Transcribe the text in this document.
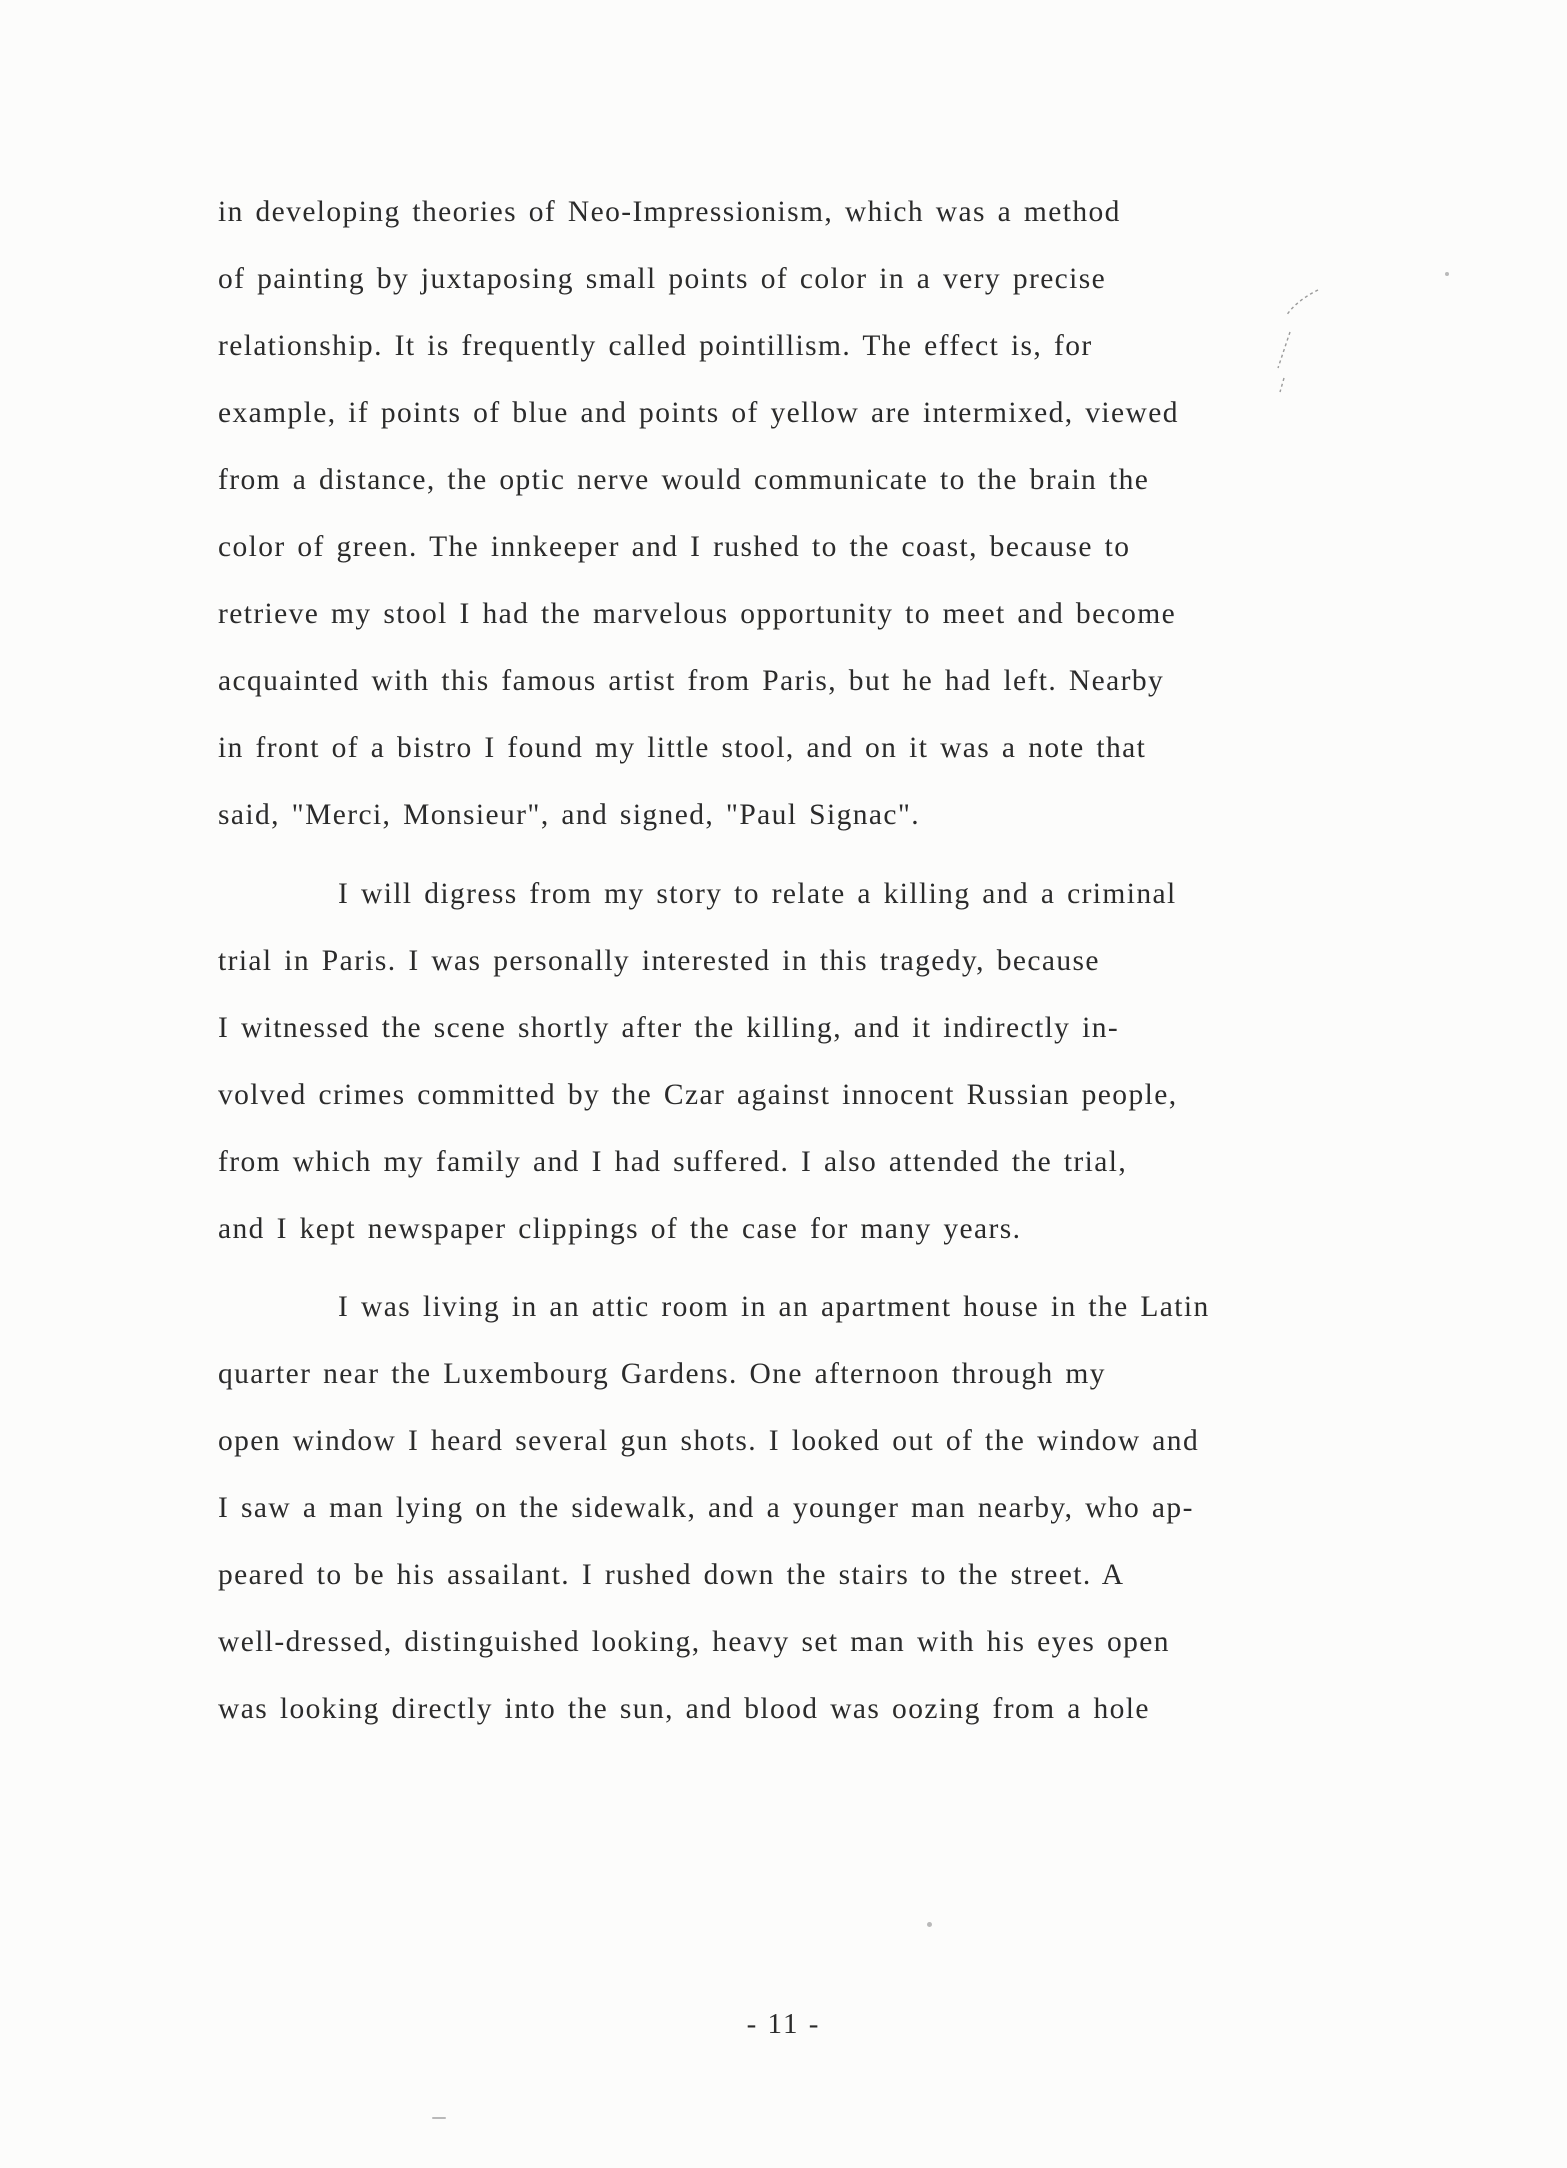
in developing theories of Neo-Impressionism, which was a method
of painting by juxtaposing small points of color in a very precise
relationship. It is frequently called pointillism. The effect is, for
example, if points of blue and points of yellow are intermixed, viewed
from a distance, the optic nerve would communicate to the brain the
color of green. The innkeeper and I rushed to the coast, because to
retrieve my stool I had the marvelous opportunity to meet and become
acquainted with this famous artist from Paris, but he had left. Nearby
in front of a bistro I found my little stool, and on it was a note that
said, "Merci, Monsieur", and signed, "Paul Signac".
I will digress from my story to relate a killing and a criminal
trial in Paris. I was personally interested in this tragedy, because
I witnessed the scene shortly after the killing, and it indirectly in-
volved crimes committed by the Czar against innocent Russian people,
from which my family and I had suffered. I also attended the trial,
and I kept newspaper clippings of the case for many years.
I was living in an attic room in an apartment house in the Latin
quarter near the Luxembourg Gardens. One afternoon through my
open window I heard several gun shots. I looked out of the window and
I saw a man lying on the sidewalk, and a younger man nearby, who ap-
peared to be his assailant. I rushed down the stairs to the street. A
well-dressed, distinguished looking, heavy set man with his eyes open
was looking directly into the sun, and blood was oozing from a hole
- 11 -
